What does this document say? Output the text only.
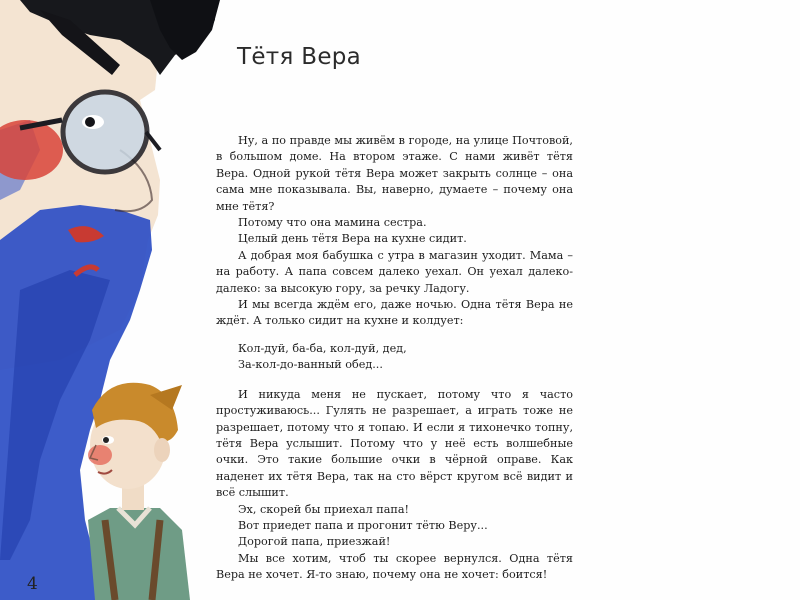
Тётя Вера

Ну, а по правде мы живём в городе, на улице Почтовой, в большом доме. На втором этаже. С нами живёт тётя Вера. Одной рукой тётя Вера может закрыть солнце – она сама мне показывала. Вы, наверно, думаете – почему она мне тётя?

Потому что она мамина сестра.

Целый день тётя Вера на кухне сидит.

А добрая моя бабушка с утра в магазин уходит. Мама – на работу. А папа совсем далеко уехал. Он уехал далеко-далеко: за высокую гору, за речку Ладогу.

И мы всегда ждём его, даже ночью. Одна тётя Вера не ждёт. А только сидит на кухне и колдует:

Кол-дуй, ба-ба, кол-дуй, дед,
За-кол-до-ванный обед...

И никуда меня не пускает, потому что я часто простуживаюсь... Гулять не разрешает, а играть тоже не разрешает, потому что я топаю. И если я тихонечко топну, тётя Вера услышит. Потому что у неё есть волшебные очки. Это такие большие очки в чёрной оправе. Как наденет их тётя Вера, так на сто вёрст кругом всё видит и всё слышит.

Эх, скорей бы приехал папа!

Вот приедет папа и прогонит тётю Веру...

Дорогой папа, приезжай!

Мы все хотим, чтоб ты скорее вернулся. Одна тётя Вера не хочет. Я-то знаю, почему она не хочет: боится!

4
